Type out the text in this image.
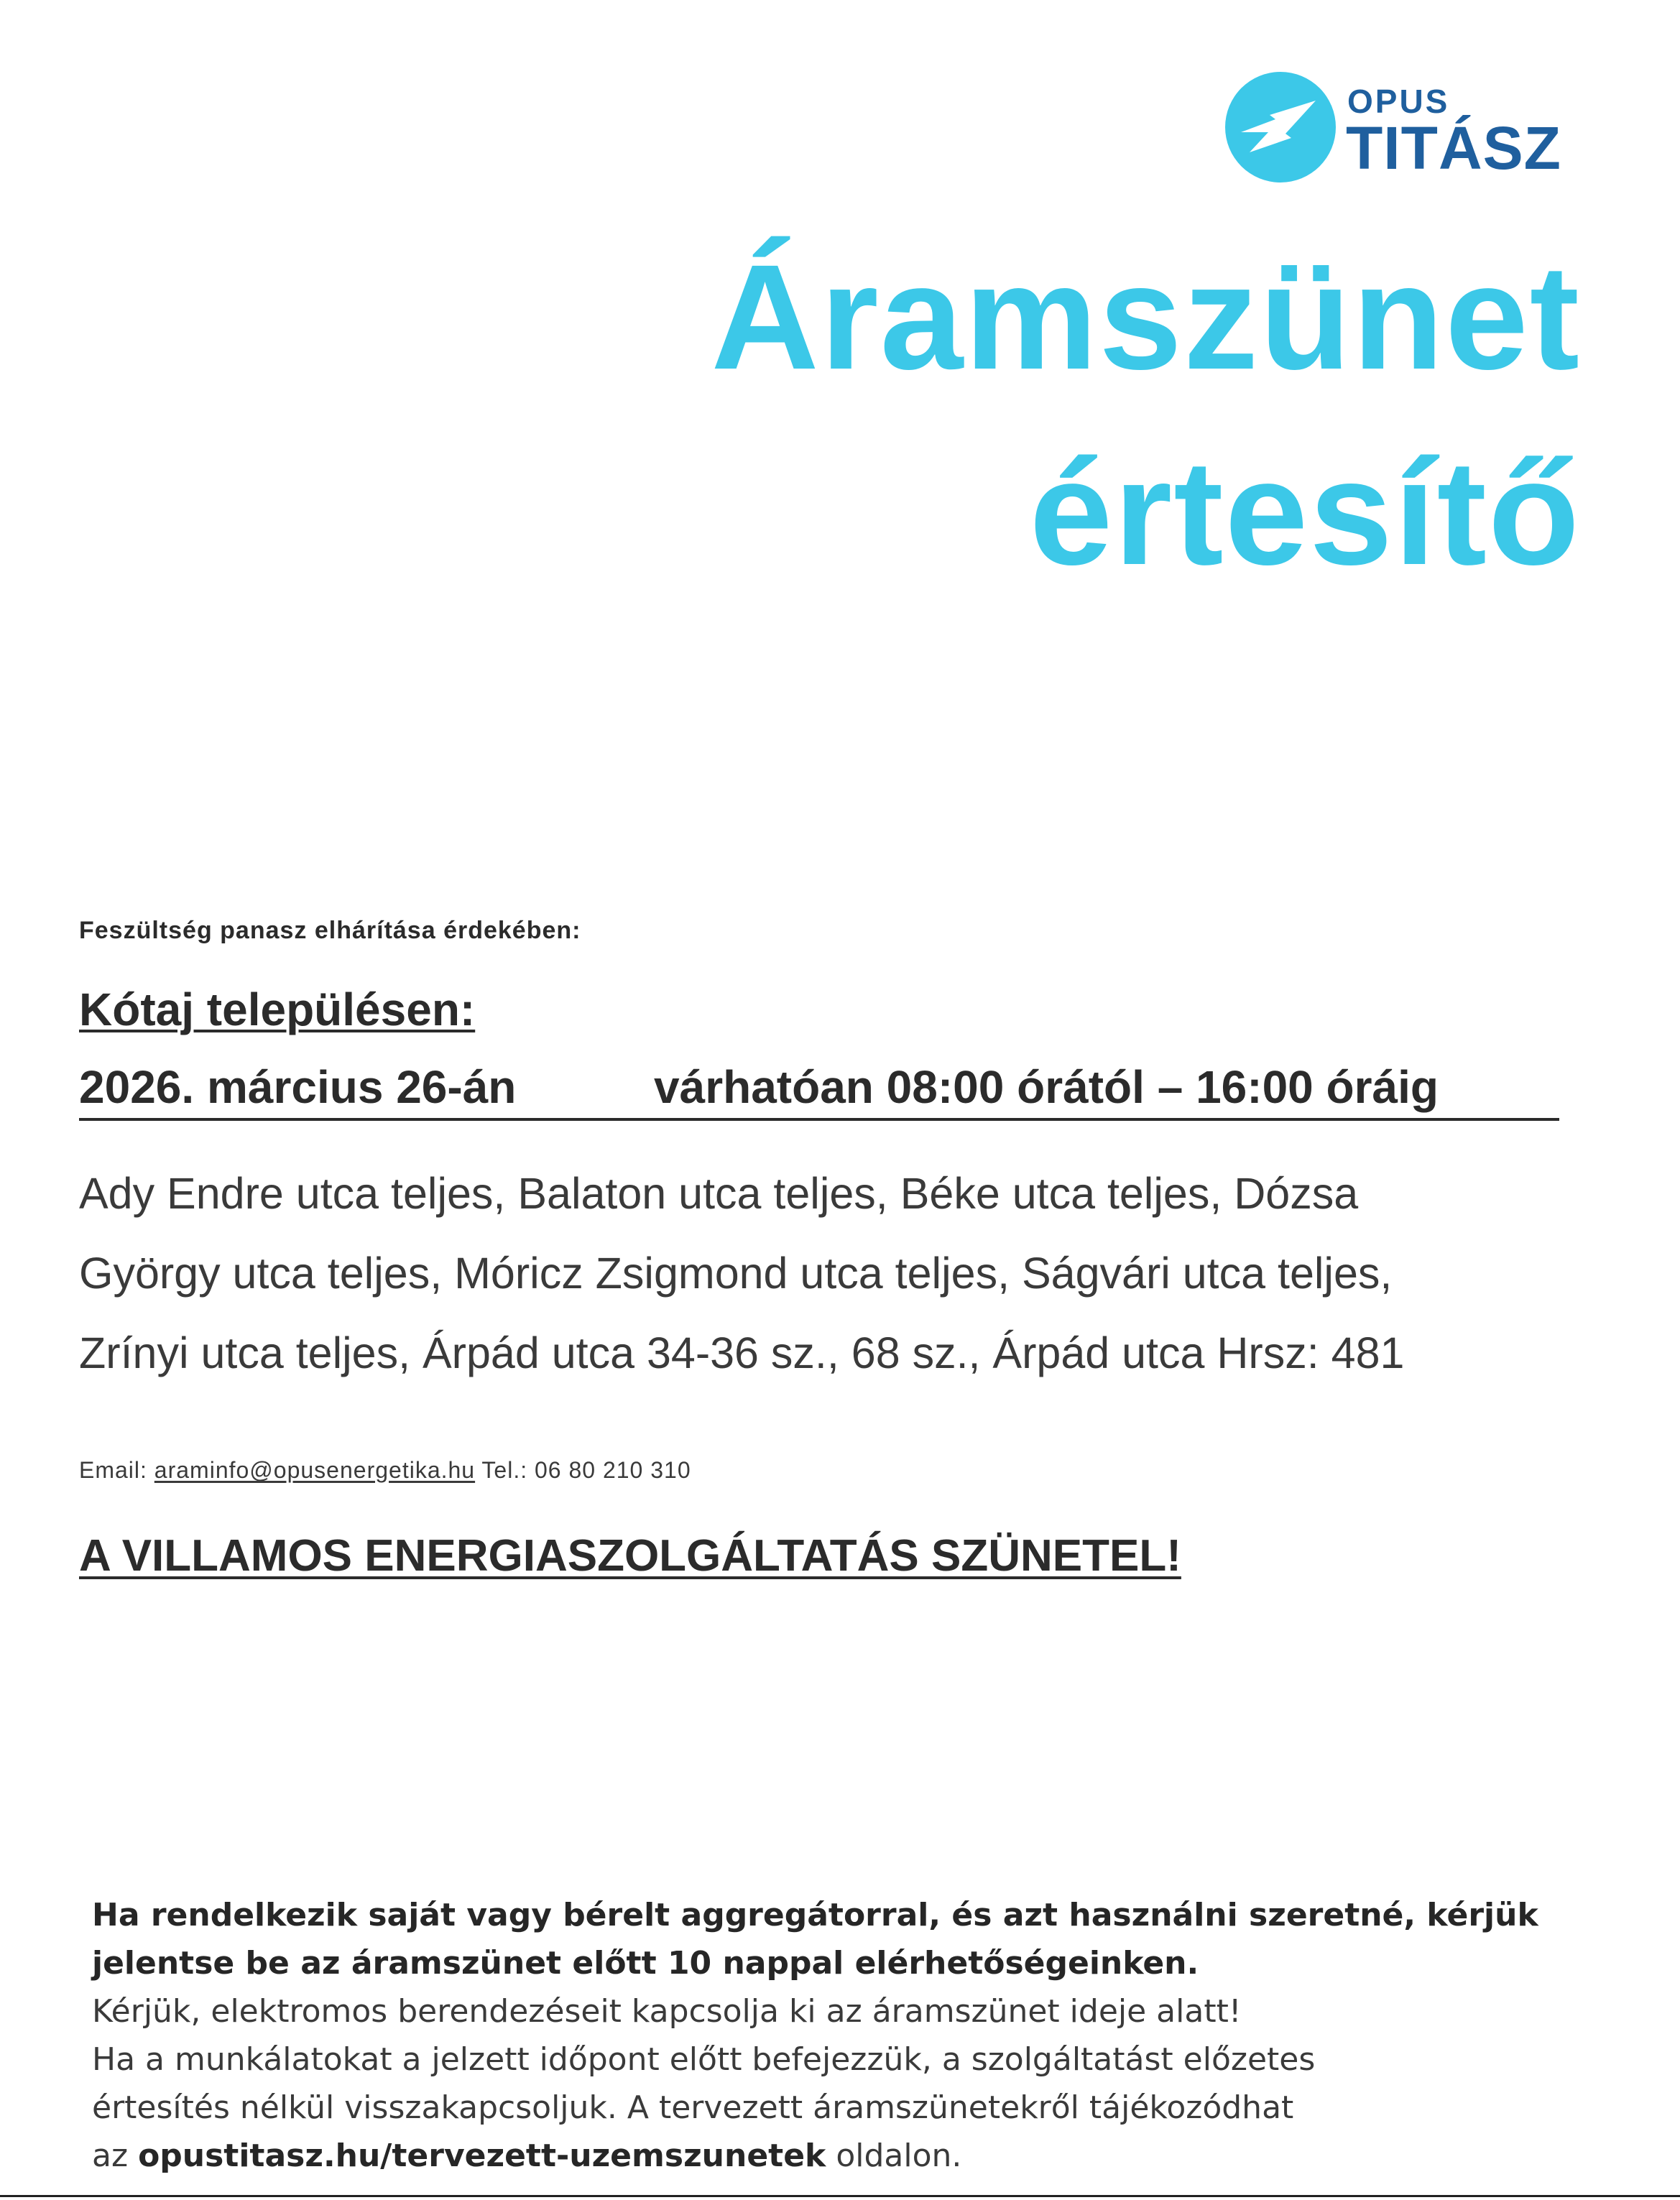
OPUS
TITÁSZ
Áramszünet
értesítő
Feszültség panasz elhárítása érdekében:
Kótaj településen:
2026. március 26-án	várhatóan 08:00 órától – 16:00 óráig
Ady Endre utca teljes, Balaton utca teljes, Béke utca teljes, Dózsa
György utca teljes, Móricz Zsigmond utca teljes, Ságvári utca teljes,
Zrínyi utca teljes, Árpád utca 34-36 sz., 68 sz., Árpád utca Hrsz: 481
Email: araminfo@opusenergetika.hu Tel.: 06 80 210 310
A VILLAMOS ENERGIASZOLGÁLTATÁS SZÜNETEL!
Ha rendelkezik saját vagy bérelt aggregátorral, és azt használni szeretné, kérjük
jelentse be az áramszünet előtt 10 nappal elérhetőségeinken.
Kérjük, elektromos berendezéseit kapcsolja ki az áramszünet ideje alatt!
Ha a munkálatokat a jelzett időpont előtt befejezzük, a szolgáltatást előzetes
értesítés nélkül visszakapcsoljuk. A tervezett áramszünetekről tájékozódhat
az opustitasz.hu/tervezett-uzemszunetek oldalon.
